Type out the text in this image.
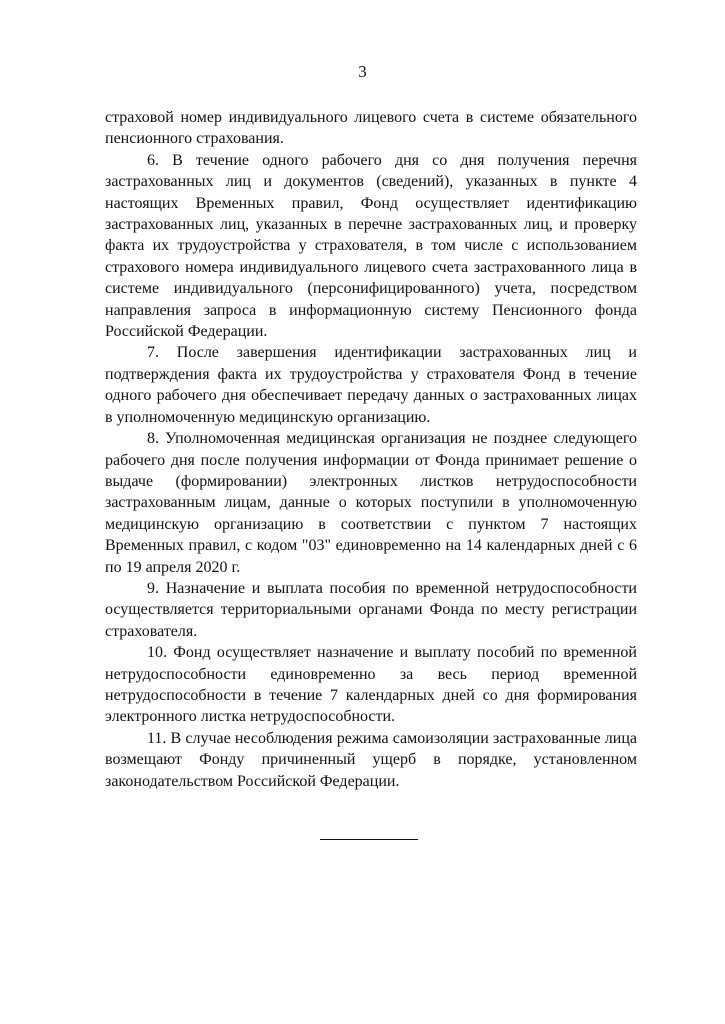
3

страховой номер индивидуального лицевого счета в системе обязательного пенсионного страхования.

6. В течение одного рабочего дня со дня получения перечня застрахованных лиц и документов (сведений), указанных в пункте 4 настоящих Временных правил, Фонд осуществляет идентификацию застрахованных лиц, указанных в перечне застрахованных лиц, и проверку факта их трудоустройства у страхователя, в том числе с использованием страхового номера индивидуального лицевого счета застрахованного лица в системе индивидуального (персонифицированного) учета, посредством направления запроса в информационную систему Пенсионного фонда Российской Федерации.

7. После завершения идентификации застрахованных лиц и подтверждения факта их трудоустройства у страхователя Фонд в течение одного рабочего дня обеспечивает передачу данных о застрахованных лицах в уполномоченную медицинскую организацию.

8. Уполномоченная медицинская организация не позднее следующего рабочего дня после получения информации от Фонда принимает решение о выдаче (формировании) электронных листков нетрудоспособности застрахованным лицам, данные о которых поступили в уполномоченную медицинскую организацию в соответствии с пунктом 7 настоящих Временных правил, с кодом "03" единовременно на 14 календарных дней с 6 по 19 апреля 2020 г.

9. Назначение и выплата пособия по временной нетрудоспособности осуществляется территориальными органами Фонда по месту регистрации страхователя.

10. Фонд осуществляет назначение и выплату пособий по временной нетрудоспособности единовременно за весь период временной нетрудоспособности в течение 7 календарных дней со дня формирования электронного листка нетрудоспособности.

11. В случае несоблюдения режима самоизоляции застрахованные лица возмещают Фонду причиненный ущерб в порядке, установленном законодательством Российской Федерации.
